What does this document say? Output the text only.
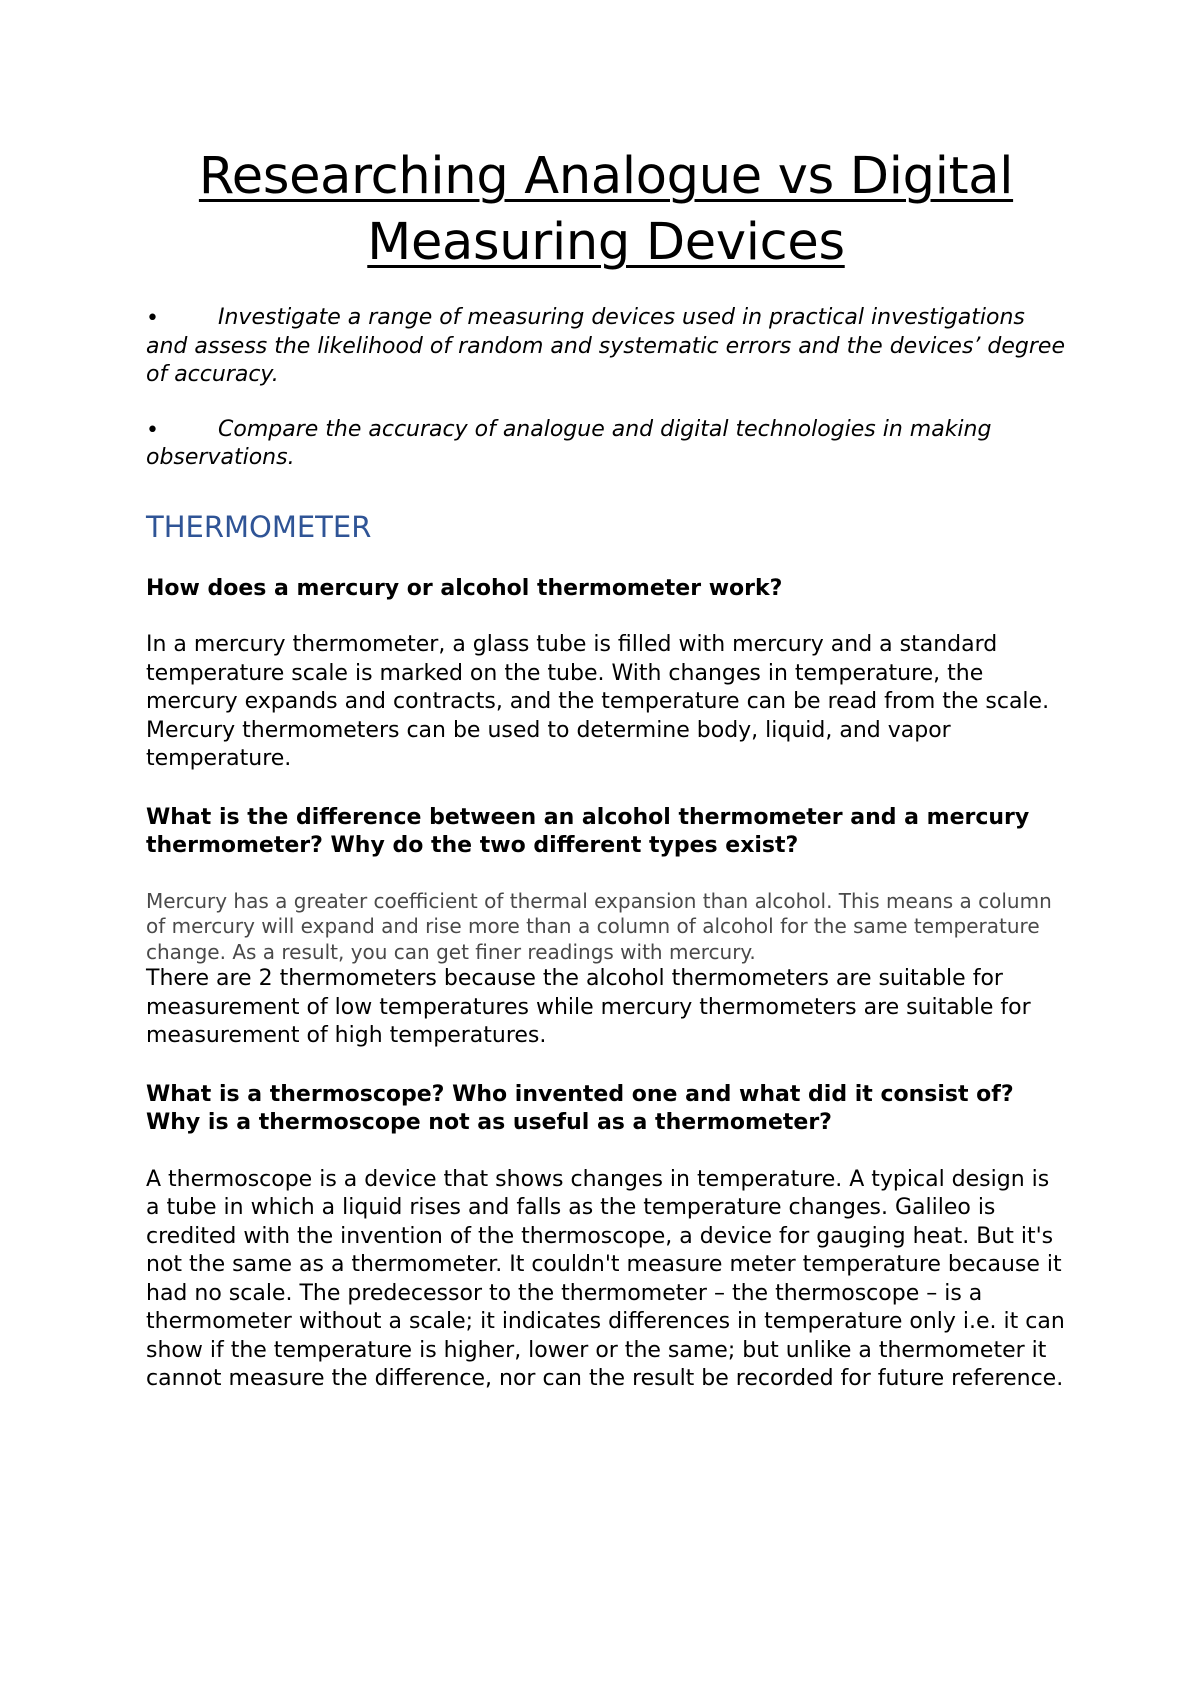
Researching Analogue vs Digital Measuring Devices
•	Investigate a range of measuring devices used in practical investigations and assess the likelihood of random and systematic errors and the devices’ degree of accuracy.
•	Compare the accuracy of analogue and digital technologies in making observations.
THERMOMETER

How does a mercury or alcohol thermometer work?

In a mercury thermometer, a glass tube is filled with mercury and a standard temperature scale is marked on the tube. With changes in temperature, the mercury expands and contracts, and the temperature can be read from the scale. Mercury thermometers can be used to determine body, liquid, and vapor temperature.

What is the difference between an alcohol thermometer and a mercury thermometer? Why do the two different types exist?

Mercury has a greater coefficient of thermal expansion than alcohol. This means a column of mercury will expand and rise more than a column of alcohol for the same temperature change. As a result, you can get finer readings with mercury.

There are 2 thermometers because the alcohol thermometers are suitable for measurement of low temperatures while mercury thermometers are suitable for measurement of high temperatures.

What is a thermoscope? Who invented one and what did it consist of? Why is a thermoscope not as useful as a thermometer?

A thermoscope is a device that shows changes in temperature. A typical design is a tube in which a liquid rises and falls as the temperature changes. Galileo is credited with the invention of the thermoscope, a device for gauging heat. But it's not the same as a thermometer. It couldn't measure meter temperature because it had no scale. The predecessor to the thermometer – the thermoscope – is a thermometer without a scale; it indicates differences in temperature only i.e. it can show if the temperature is higher, lower or the same; but unlike a thermometer it cannot measure the difference, nor can the result be recorded for future reference.
